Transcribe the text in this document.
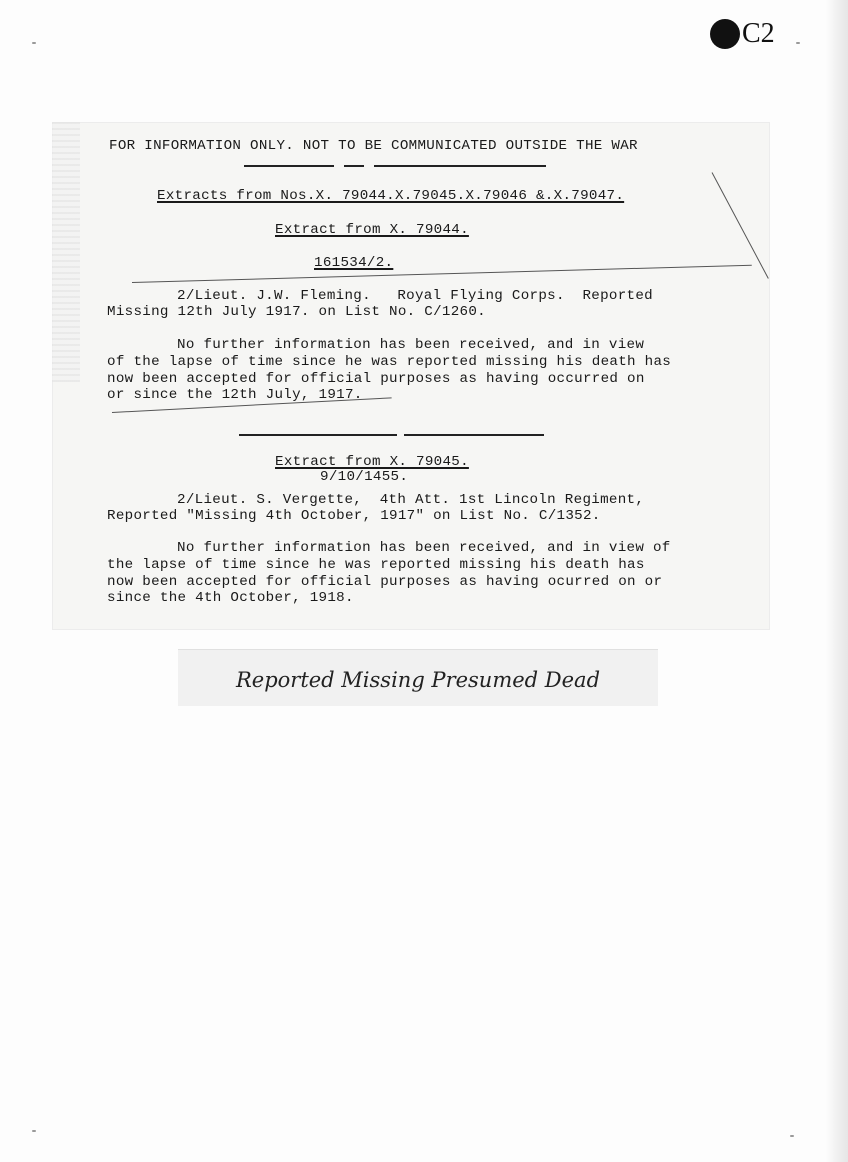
C2
FOR INFORMATION ONLY. NOT TO BE COMMUNICATED OUTSIDE THE WAR
Extracts from Nos.X. 79044.X.79045.X.79046 &.X.79047.
Extract from X. 79044.
161534/2.
2/Lieut. J.W. Fleming.   Royal Flying Corps.  Reported
Missing 12th July 1917. on List No. C/1260.
No further information has been received, and in view
of the lapse of time since he was reported missing his death has
now been accepted for official purposes as having occurred on
or since the 12th July, 1917.
Extract from X. 79045.
9/10/1455.
2/Lieut. S. Vergette,  4th Att. 1st Lincoln Regiment,
Reported "Missing 4th October, 1917" on List No. C/1352.
No further information has been received, and in view of
the lapse of time since he was reported missing his death has
now been accepted for official purposes as having ocurred on or
since the 4th October, 1918.
Reported Missing Presumed Dead
